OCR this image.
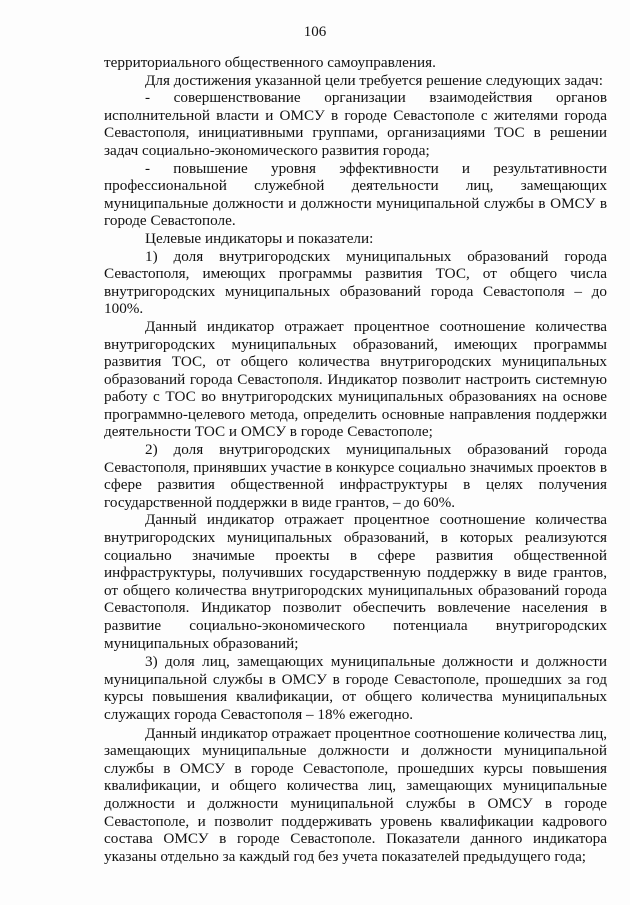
106

территориального общественного самоуправления.

Для достижения указанной цели требуется решение следующих задач:

- совершенствование организации взаимодействия органов исполнительной власти и ОМСУ в городе Севастополе с жителями города Севастополя, инициативными группами, организациями ТОС в решении задач социально-экономического развития города;

- повышение уровня эффективности и результативности профессиональной служебной деятельности лиц, замещающих муниципальные должности и должности муниципальной службы в ОМСУ в городе Севастополе.

Целевые индикаторы и показатели:

1) доля внутригородских муниципальных образований города Севастополя, имеющих программы развития ТОС, от общего числа внутригородских муниципальных образований города Севастополя – до 100%.

Данный индикатор отражает процентное соотношение количества внутригородских муниципальных образований, имеющих программы развития ТОС, от общего количества внутригородских муниципальных образований города Севастополя. Индикатор позволит настроить системную работу с ТОС во внутригородских муниципальных образованиях на основе программно-целевого метода, определить основные направления поддержки деятельности ТОС и ОМСУ в городе Севастополе;

2) доля внутригородских муниципальных образований города Севастополя, принявших участие в конкурсе социально значимых проектов в сфере развития общественной инфраструктуры в целях получения государственной поддержки в виде грантов, – до 60%.

Данный индикатор отражает процентное соотношение количества внутригородских муниципальных образований, в которых реализуются социально значимые проекты в сфере развития общественной инфраструктуры, получивших государственную поддержку в виде грантов, от общего количества внутригородских муниципальных образований города Севастополя. Индикатор позволит обеспечить вовлечение населения в развитие социально-экономического потенциала внутригородских муниципальных образований;

3) доля лиц, замещающих муниципальные должности и должности муниципальной службы в ОМСУ в городе Севастополе, прошедших за год курсы повышения квалификации, от общего количества муниципальных служащих города Севастополя – 18% ежегодно.

Данный индикатор отражает процентное соотношение количества лиц, замещающих муниципальные должности и должности муниципальной службы в ОМСУ в городе Севастополе, прошедших курсы повышения квалификации, и общего количества лиц, замещающих муниципальные должности и должности муниципальной службы в ОМСУ в городе Севастополе, и позволит поддерживать уровень квалификации кадрового состава ОМСУ в городе Севастополе. Показатели данного индикатора указаны отдельно за каждый год без учета показателей предыдущего года;
